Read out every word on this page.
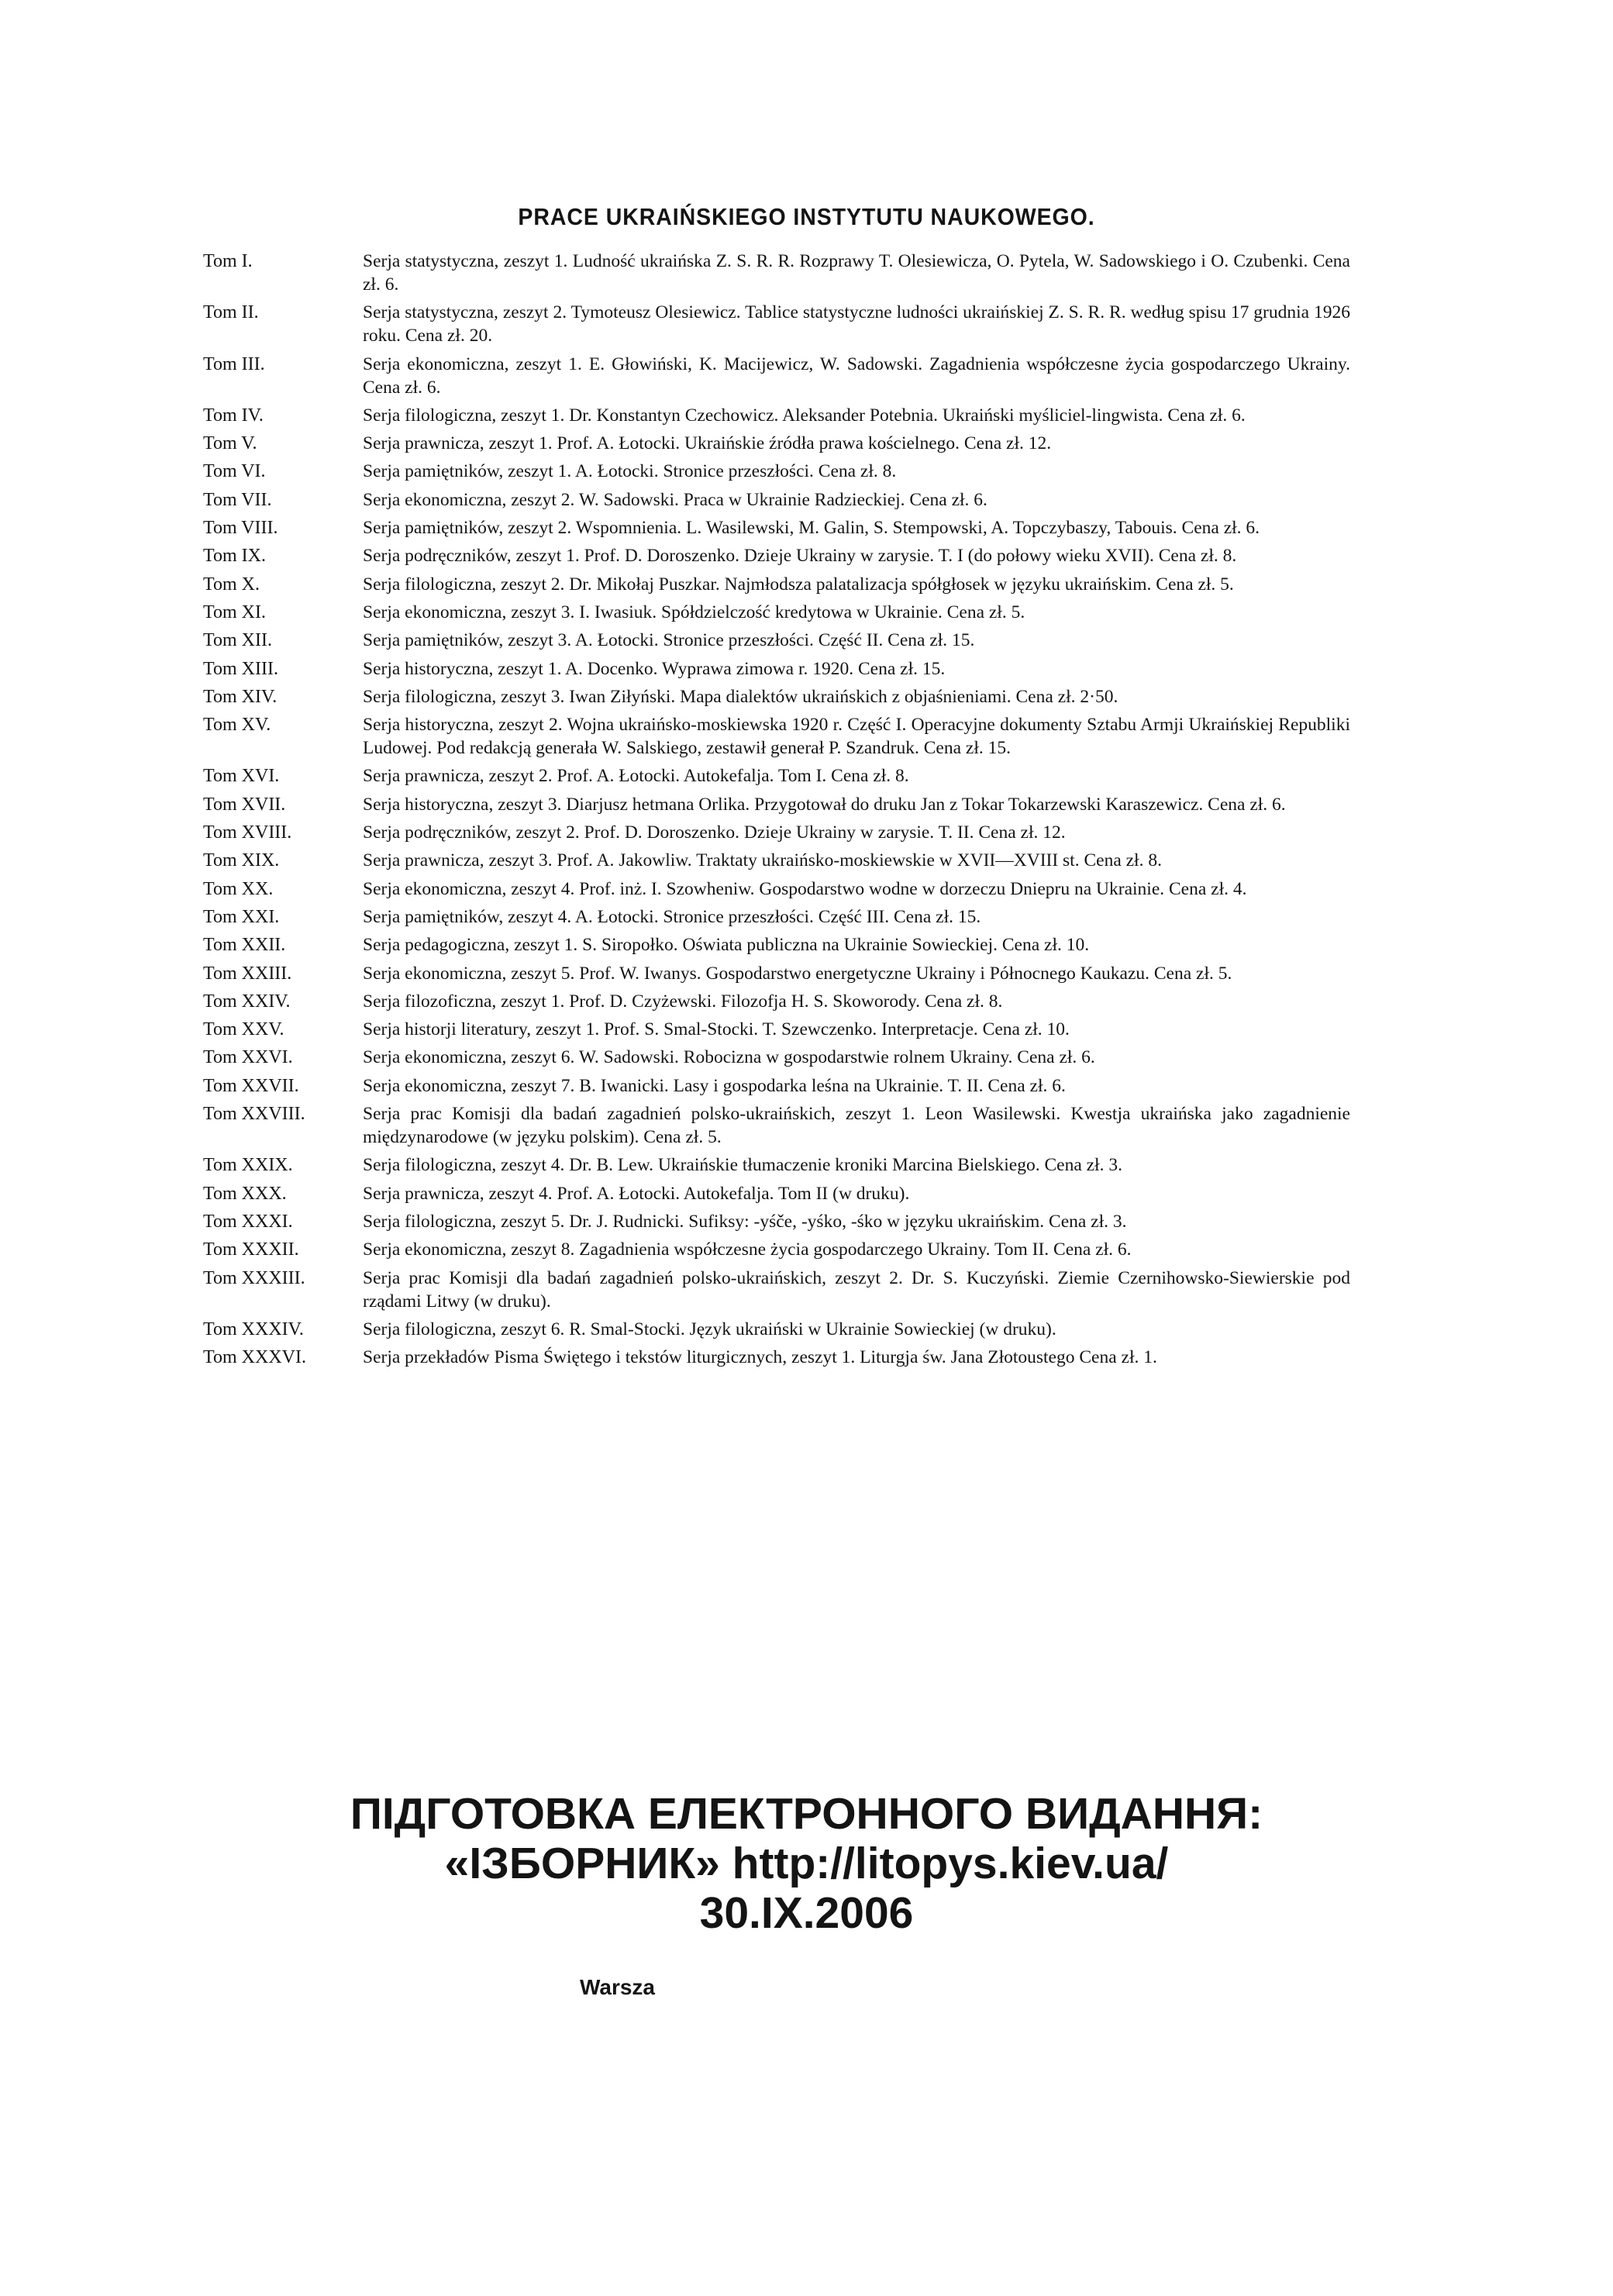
PRACE UKRAIŃSKIEGO INSTYTUTU NAUKOWEGO.
Tom I.	Serja statystyczna, zeszyt 1. Ludność ukraińska Z. S. R. R. Rozprawy T. Olesiewicza, O. Pytela, W. Sadowskiego i O. Czubenki. Cena zł. 6.
Tom II.	Serja statystyczna, zeszyt 2. Tymoteusz Olesiewicz. Tablice statystyczne ludności ukraińskiej Z. S. R. R. według spisu 17 grudnia 1926 roku. Cena zł. 20.
Tom III.	Serja ekonomiczna, zeszyt 1. E. Głowiński, K. Macijewicz, W. Sadowski. Zagadnienia współczesne życia gospodarczego Ukrainy. Cena zł. 6.
Tom IV.	Serja filologiczna, zeszyt 1. Dr. Konstantyn Czechowicz. Aleksander Potebnia. Ukraiński myśliciel-lingwista. Cena zł. 6.
Tom V.	Serja prawnicza, zeszyt 1. Prof. A. Łotocki. Ukraińskie źródła prawa kościelnego. Cena zł. 12.
Tom VI.	Serja pamiętników, zeszyt 1. A. Łotocki. Stronice przeszłości. Cena zł. 8.
Tom VII.	Serja ekonomiczna, zeszyt 2. W. Sadowski. Praca w Ukrainie Radzieckiej. Cena zł. 6.
Tom VIII.	Serja pamiętników, zeszyt 2. Wspomnienia. L. Wasilewski, M. Galin, S. Stempowski, A. Topczybaszy, Tabouis. Cena zł. 6.
Tom IX.	Serja podręczników, zeszyt 1. Prof. D. Doroszenko. Dzieje Ukrainy w zarysie. T. I (do połowy wieku XVII). Cena zł. 8.
Tom X.	Serja filologiczna, zeszyt 2. Dr. Mikołaj Puszkar. Najmłodsza palatalizacja spółgłosek w języku ukraińskim. Cena zł. 5.
Tom XI.	Serja ekonomiczna, zeszyt 3. I. Iwasiuk. Spółdzielczość kredytowa w Ukrainie. Cena zł. 5.
Tom XII.	Serja pamiętników, zeszyt 3. A. Łotocki. Stronice przeszłości. Część II. Cena zł. 15.
Tom XIII.	Serja historyczna, zeszyt 1. A. Docenko. Wyprawa zimowa r. 1920. Cena zł. 15.
Tom XIV.	Serja filologiczna, zeszyt 3. Iwan Ziłyński. Mapa dialektów ukraińskich z objaśnieniami. Cena zł. 2·50.
Tom XV.	Serja historyczna, zeszyt 2. Wojna ukraińsko-moskiewska 1920 r. Część I. Operacyjne dokumenty Sztabu Armji Ukraińskiej Republiki Ludowej. Pod redakcją generała W. Salskiego, zestawił generał P. Szandruk. Cena zł. 15.
Tom XVI.	Serja prawnicza, zeszyt 2. Prof. A. Łotocki. Autokefalja. Tom I. Cena zł. 8.
Tom XVII.	Serja historyczna, zeszyt 3. Diarjusz hetmana Orlika. Przygotował do druku Jan z Tokar Tokarzewski Karaszewicz. Cena zł. 6.
Tom XVIII.	Serja podręczników, zeszyt 2. Prof. D. Doroszenko. Dzieje Ukrainy w zarysie. T. II. Cena zł. 12.
Tom XIX.	Serja prawnicza, zeszyt 3. Prof. A. Jakowliw. Traktaty ukraińsko-moskiewskie w XVII—XVIII st. Cena zł. 8.
Tom XX.	Serja ekonomiczna, zeszyt 4. Prof. inż. I. Szowheniw. Gospodarstwo wodne w dorzeczu Dniepru na Ukrainie. Cena zł. 4.
Tom XXI.	Serja pamiętników, zeszyt 4. A. Łotocki. Stronice przeszłości. Część III. Cena zł. 15.
Tom XXII.	Serja pedagogiczna, zeszyt 1. S. Siropołko. Oświata publiczna na Ukrainie Sowieckiej. Cena zł. 10.
Tom XXIII.	Serja ekonomiczna, zeszyt 5. Prof. W. Iwanys. Gospodarstwo energetyczne Ukrainy i Północnego Kaukazu. Cena zł. 5.
Tom XXIV.	Serja filozoficzna, zeszyt 1. Prof. D. Czyżewski. Filozofja H. S. Skoworody. Cena zł. 8.
Tom XXV.	Serja historji literatury, zeszyt 1. Prof. S. Smal-Stocki. T. Szewczenko. Interpretacje. Cena zł. 10.
Tom XXVI.	Serja ekonomiczna, zeszyt 6. W. Sadowski. Robocizna w gospodarstwie rolnem Ukrainy. Cena zł. 6.
Tom XXVII.	Serja ekonomiczna, zeszyt 7. B. Iwanicki. Lasy i gospodarka leśna na Ukrainie. T. II. Cena zł. 6.
Tom XXVIII.	Serja prac Komisji dla badań zagadnień polsko-ukraińskich, zeszyt 1. Leon Wasilewski. Kwestja ukraińska jako zagadnienie międzynarodowe (w języku polskim). Cena zł. 5.
Tom XXIX.	Serja filologiczna, zeszyt 4. Dr. B. Lew. Ukraińskie tłumaczenie kroniki Marcina Bielskiego. Cena zł. 3.
Tom XXX.	Serja prawnicza, zeszyt 4. Prof. A. Łotocki. Autokefalja. Tom II (w druku).
Tom XXXI.	Serja filologiczna, zeszyt 5. Dr. J. Rudnicki. Sufiksy: -yśče, -yśko, -śko w języku ukraińskim. Cena zł. 3.
Tom XXXII.	Serja ekonomiczna, zeszyt 8. Zagadnienia współczesne życia gospodarczego Ukrainy. Tom II. Cena zł. 6.
Tom XXXIII.	Serja prac Komisji dla badań zagadnień polsko-ukraińskich, zeszyt 2. Dr. S. Kuczyński. Ziemie Czernihowsko-Siewierskie pod rządami Litwy (w druku).
Tom XXXIV.	Serja filologiczna, zeszyt 6. R. Smal-Stocki. Język ukraiński w Ukrainie Sowieckiej (w druku).
Tom XXXVI.	Serja przekładów Pisma Świętego i tekstów liturgicznych, zeszyt 1. Liturgja św. Jana Złotoustego Cena zł. 1.
ПІДГОТОВКА ЕЛЕКТРОННОГО ВИДАННЯ:
«ІЗБОРНИК» http://litopys.kiev.ua/
30.IX.2006
Warsza
